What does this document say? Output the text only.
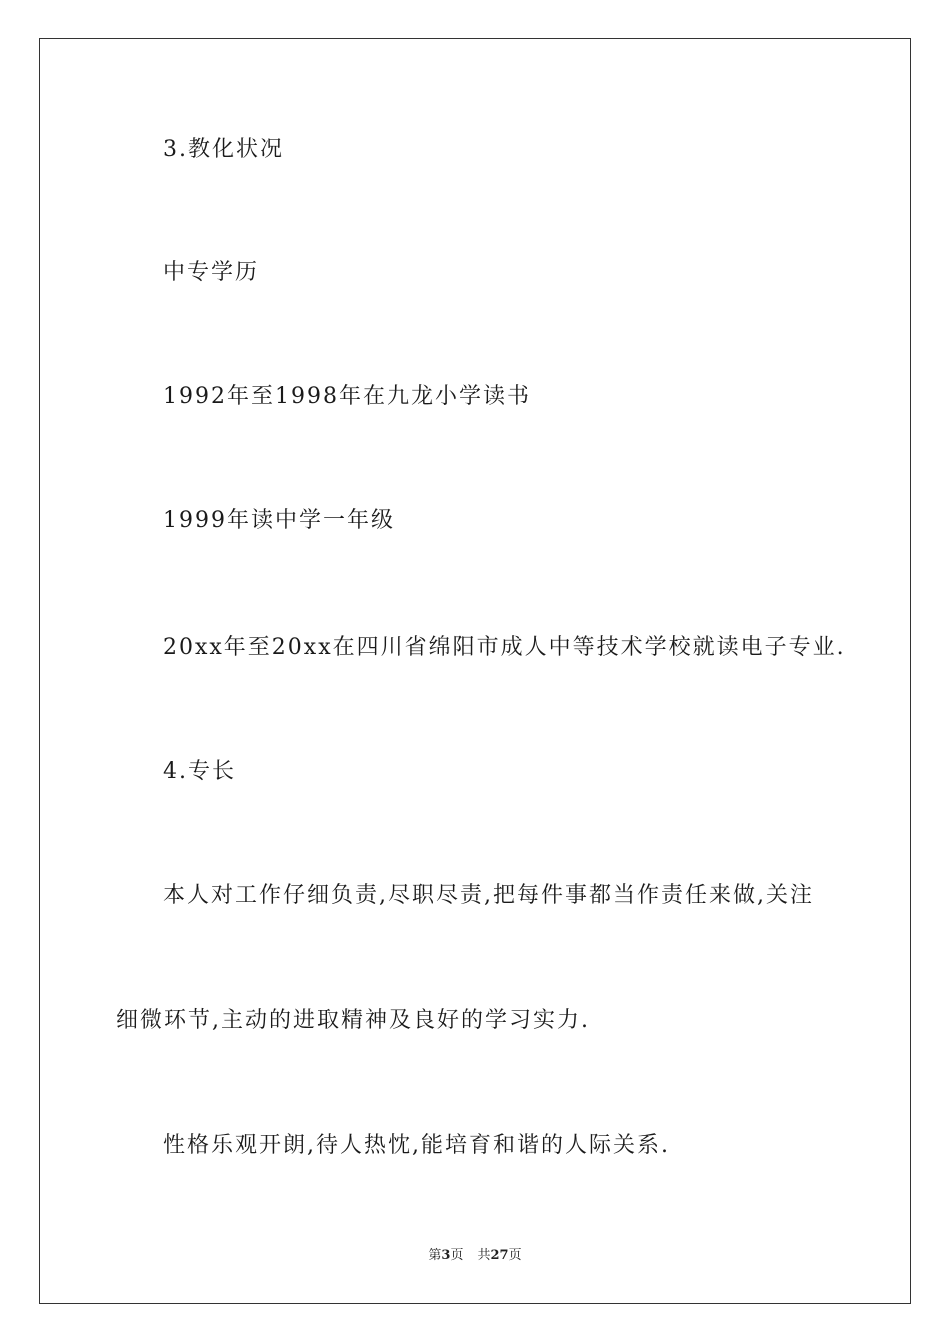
3.教化状况
中专学历
1992年至1998年在九龙小学读书
1999年读中学一年级
20xx年至20xx在四川省绵阳市成人中等技术学校就读电子专业.
4.专长
本人对工作仔细负责,尽职尽责,把每件事都当作责任来做,关注
细微环节,主动的进取精神及良好的学习实力.
性格乐观开朗,待人热忱,能培育和谐的人际关系.
第3页 共27页
